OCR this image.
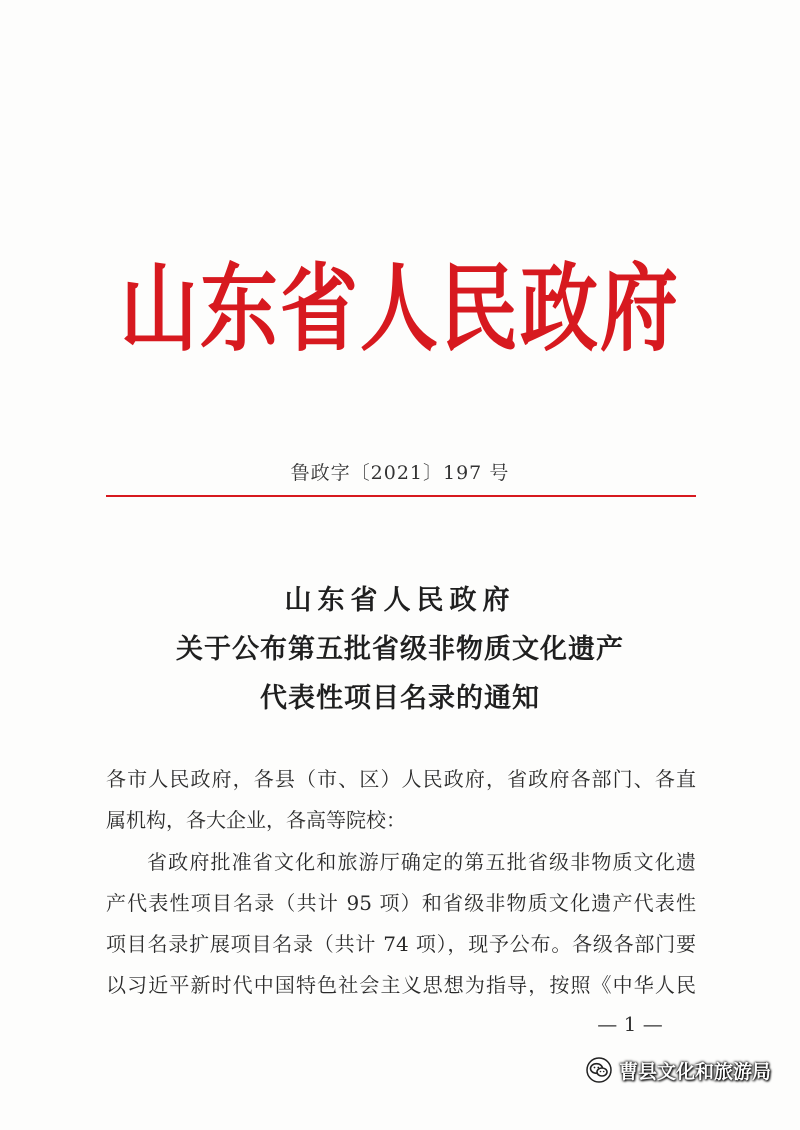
山东省人民政府
鲁政字〔2021〕197 号
山东省人民政府
关于公布第五批省级非物质文化遗产
代表性项目名录的通知
各市人民政府，各县（市、区）人民政府，省政府各部门、各直
属机构，各大企业，各高等院校：
省政府批准省文化和旅游厅确定的第五批省级非物质文化遗
产代表性项目名录（共计 95 项）和省级非物质文化遗产代表性
项目名录扩展项目名录（共计 74 项），现予公布。各级各部门要
以习近平新时代中国特色社会主义思想为指导，按照《中华人民
— 1 —
曹县文化和旅游局
